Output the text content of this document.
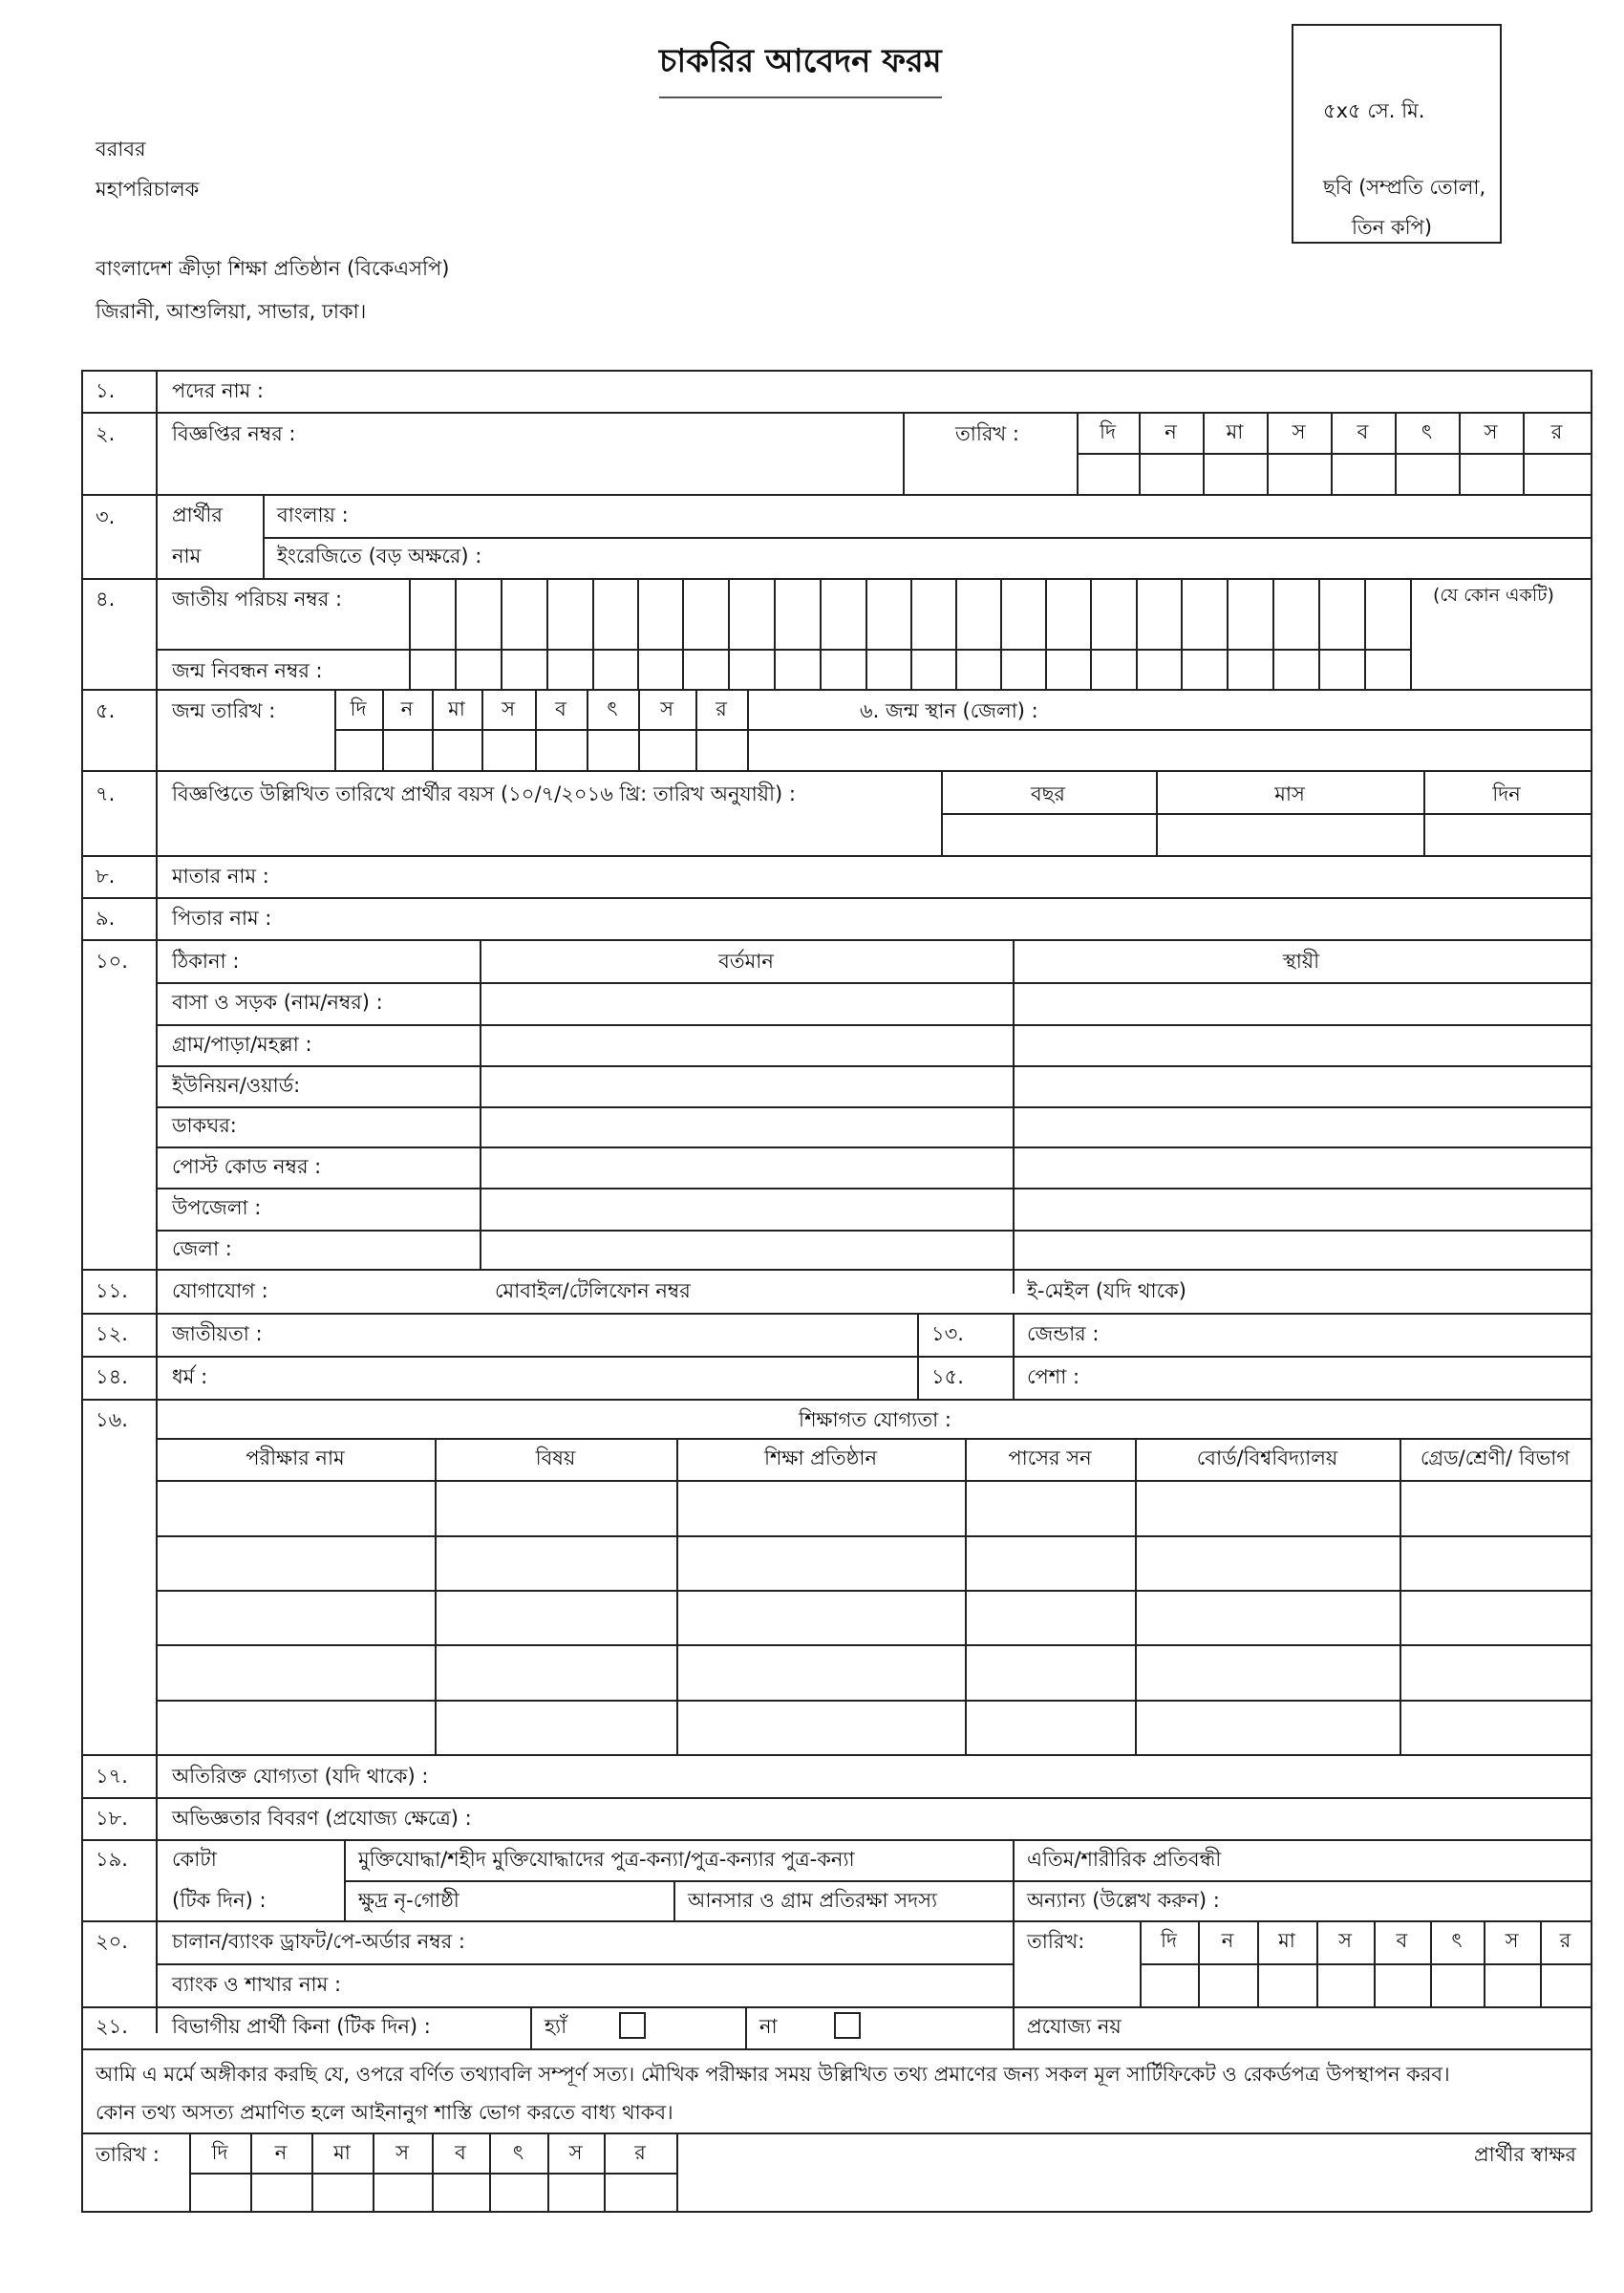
চাকরির আবেদন ফরম
৫x৫ সে. মি.
ছবি (সম্প্রতি তোলা,
তিন কপি)
বরাবর
মহাপরিচালক
বাংলাদেশ ক্রীড়া শিক্ষা প্রতিষ্ঠান (বিকেএসপি)
জিরানী, আশুলিয়া, সাভার, ঢাকা।
১.	পদের নাম :
২.	বিজ্ঞপ্তির নম্বর :	তারিখ :	দি ন মা স	ব	ৎ	স	র
৩.	প্রার্থীর
নাম
বাংলায় :
ইংরেজিতে (বড় অক্ষরে) :
৪.	জাতীয় পরিচয় নম্বর :
জন্ম নিবন্ধন নম্বর :
(যে কোন একটি)
৫.	জন্ম তারিখ :	দি ন মা স ব ৎ স র	৬. জন্ম স্থান (জেলা) :
৭.	বিজ্ঞপ্তিতে উল্লিখিত তারিখে প্রার্থীর বয়স (১০/৭/২০১৬ খ্রি: তারিখ অনুযায়ী) :	বছর	মাস	দিন
৮.	মাতার নাম :
৯.	পিতার নাম :
১০. ঠিকানা :	বর্তমান	স্থায়ী
বাসা ও সড়ক (নাম/নম্বর) :
গ্রাম/পাড়া/মহল্লা :
ইউনিয়ন/ওয়ার্ড:
ডাকঘর:
পোস্ট কোড নম্বর :
উপজেলা :
জেলা :
১১. যোগাযোগ :	মোবাইল/টেলিফোন নম্বর	ই-মেইল (যদি থাকে)
১২. জাতীয়তা :	১৩.	জেন্ডার :
১৪. ধর্ম :	১৫.	পেশা :
১৬.	শিক্ষাগত যোগ্যতা :
পরীক্ষার নাম	বিষয়	শিক্ষা প্রতিষ্ঠান	পাসের সন	বোর্ড/বিশ্ববিদ্যালয়	গ্রেড/শ্রেণী/ বিভাগ
১৭. অতিরিক্ত যোগ্যতা (যদি থাকে) :
১৮. অভিজ্ঞতার বিবরণ (প্রযোজ্য ক্ষেত্রে) :
১৯. কোটা
(টিক দিন) :
মুক্তিযোদ্ধা/শহীদ মুক্তিযোদ্ধাদের পুত্র-কন্যা/পুত্র-কন্যার পুত্র-কন্যা	এতিম/শারীরিক প্রতিবন্ধী
ক্ষুদ্র নৃ-গোষ্ঠী	আনসার ও গ্রাম প্রতিরক্ষা সদস্য	অন্যান্য (উল্লেখ করুন) :
২০. চালান/ব্যাংক ড্রাফট/পে-অর্ডার নম্বর :
ব্যাংক ও শাখার নাম :
তারিখ:	দি ন মা স ব ৎ স র
২১. বিভাগীয় প্রার্থী কিনা (টিক দিন) :	হ্যাঁ	না	প্রযোজ্য নয়
আমি এ মর্মে অঙ্গীকার করছি যে, ওপরে বর্ণিত তথ্যাবলি সম্পূর্ণ সত্য। মৌখিক পরীক্ষার সময় উল্লিখিত তথ্য প্রমাণের জন্য সকল মূল সার্টিফিকেট ও রেকর্ডপত্র উপস্থাপন করব।
কোন তথ্য অসত্য প্রমাণিত হলে আইনানুগ শাস্তি ভোগ করতে বাধ্য থাকব।
তারিখ :	দি ন মা স ব ৎ স	র	প্রার্থীর স্বাক্ষর
